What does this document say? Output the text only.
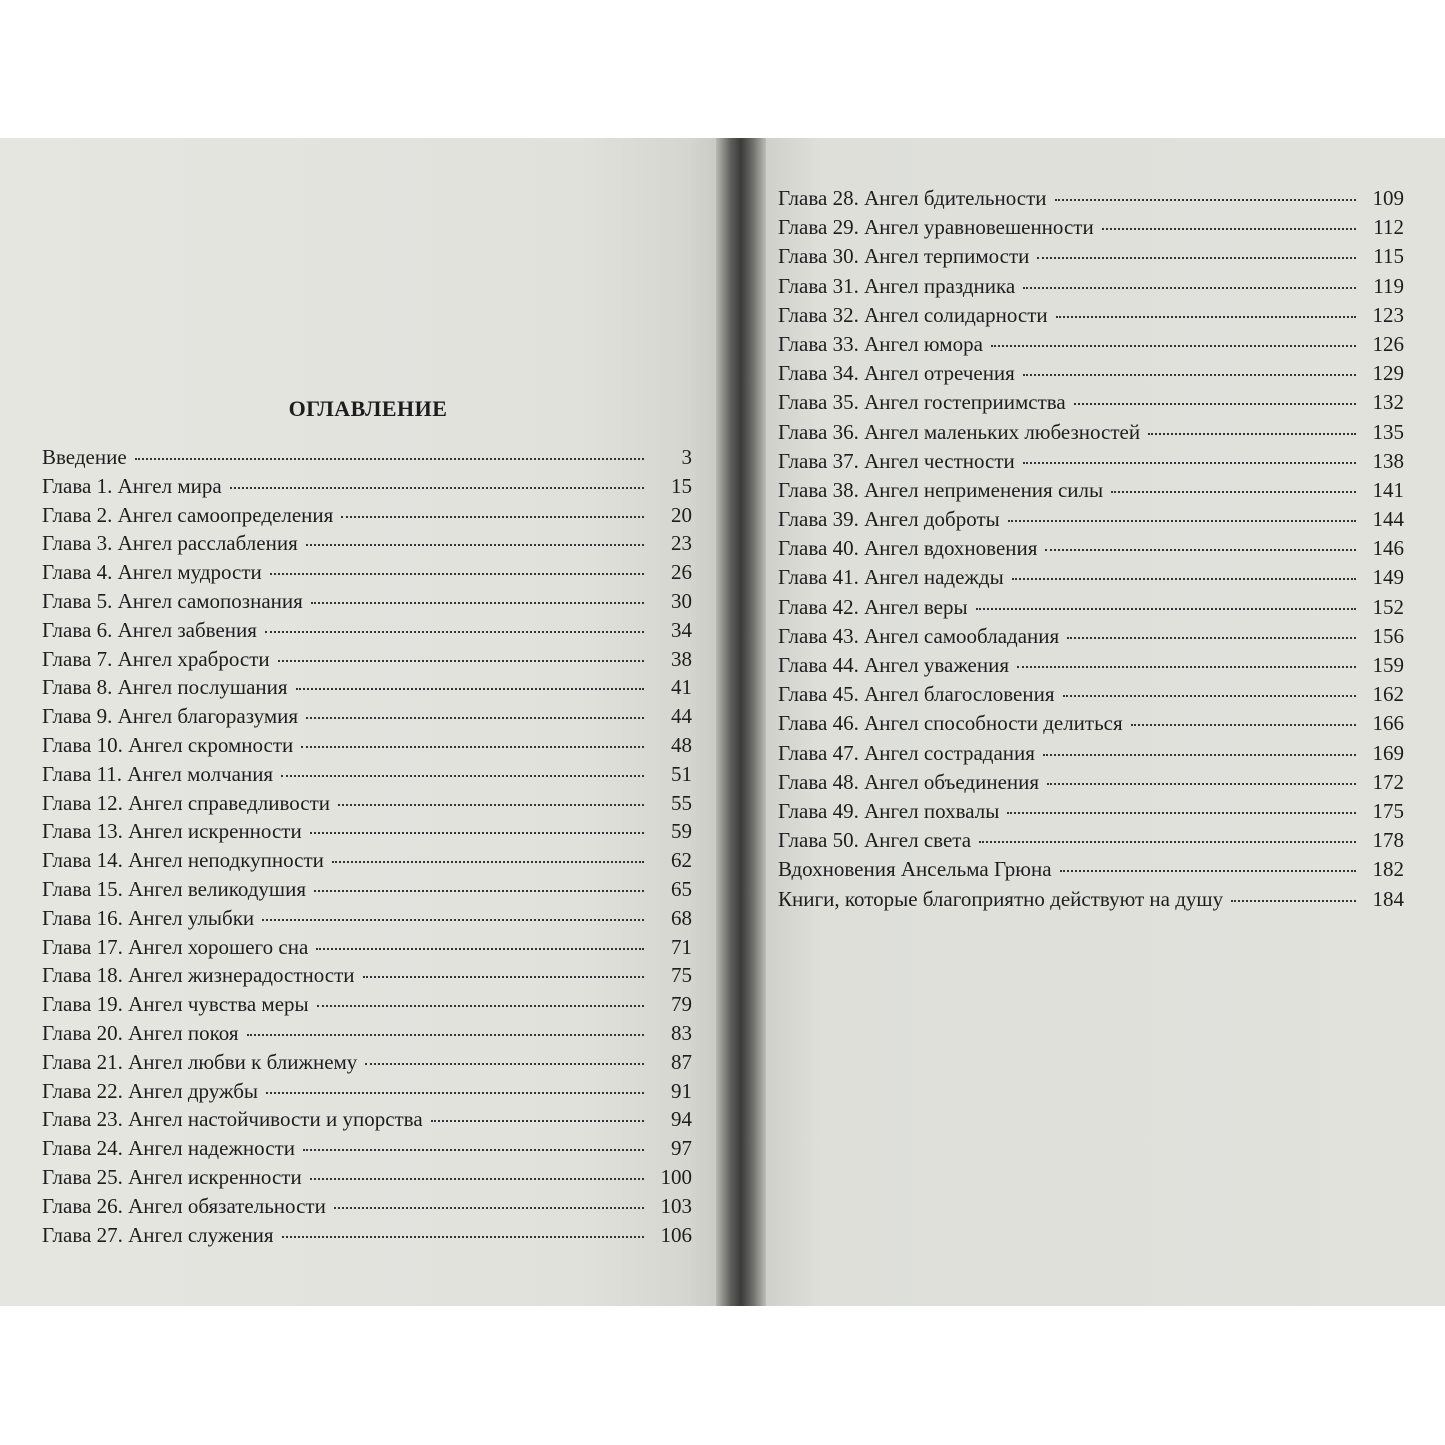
ОГЛАВЛЕНИЕ
Введение	3
Глава 1. Ангел мира	15
Глава 2. Ангел самоопределения	20
Глава 3. Ангел расслабления	23
Глава 4. Ангел мудрости	26
Глава 5. Ангел самопознания	30
Глава 6. Ангел забвения	34
Глава 7. Ангел храбрости	38
Глава 8. Ангел послушания	41
Глава 9. Ангел благоразумия	44
Глава 10. Ангел скромности	48
Глава 11. Ангел молчания	51
Глава 12. Ангел справедливости	55
Глава 13. Ангел искренности	59
Глава 14. Ангел неподкупности	62
Глава 15. Ангел великодушия	65
Глава 16. Ангел улыбки	68
Глава 17. Ангел хорошего сна	71
Глава 18. Ангел жизнерадостности	75
Глава 19. Ангел чувства меры	79
Глава 20. Ангел покоя	83
Глава 21. Ангел любви к ближнему	87
Глава 22. Ангел дружбы	91
Глава 23. Ангел настойчивости и упорства	94
Глава 24. Ангел надежности	97
Глава 25. Ангел искренности	100
Глава 26. Ангел обязательности	103
Глава 27. Ангел служения	106
Глава 28. Ангел бдительности	109
Глава 29. Ангел уравновешенности	112
Глава 30. Ангел терпимости	115
Глава 31. Ангел праздника	119
Глава 32. Ангел солидарности	123
Глава 33. Ангел юмора	126
Глава 34. Ангел отречения	129
Глава 35. Ангел гостеприимства	132
Глава 36. Ангел маленьких любезностей	135
Глава 37. Ангел честности	138
Глава 38. Ангел неприменения силы	141
Глава 39. Ангел доброты	144
Глава 40. Ангел вдохновения	146
Глава 41. Ангел надежды	149
Глава 42. Ангел веры	152
Глава 43. Ангел самообладания	156
Глава 44. Ангел уважения	159
Глава 45. Ангел благословения	162
Глава 46. Ангел способности делиться	166
Глава 47. Ангел сострадания	169
Глава 48. Ангел объединения	172
Глава 49. Ангел похвалы	175
Глава 50. Ангел света	178
Вдохновения Ансельма Грюна	182
Книги, которые благоприятно действуют на душу	184
